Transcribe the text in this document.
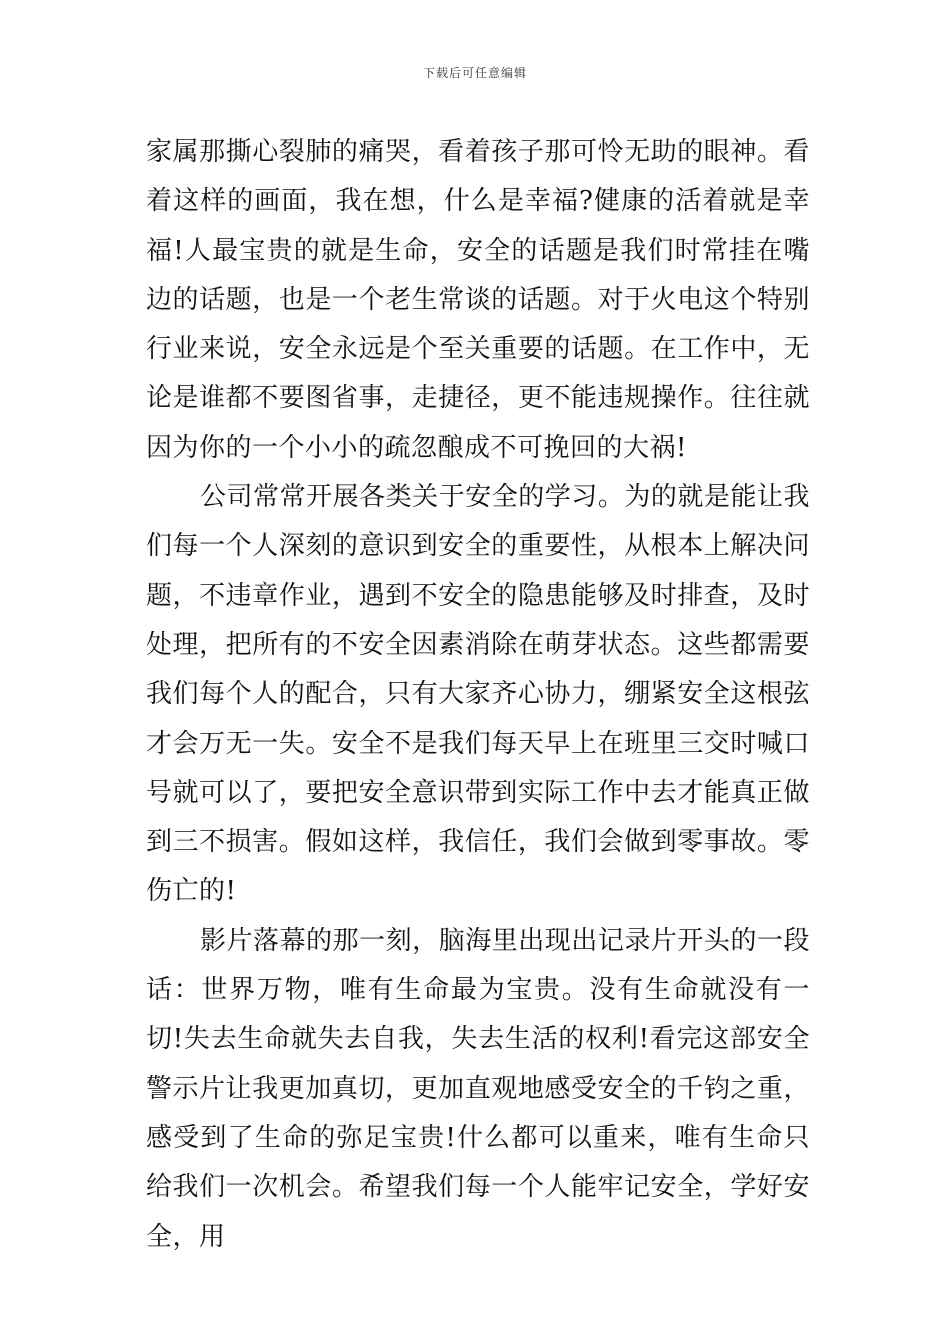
下载后可任意编辑

家属那撕心裂肺的痛哭，看着孩子那可怜无助的眼神。看着这样的画面，我在想，什么是幸福?健康的活着就是幸福!人最宝贵的就是生命，安全的话题是我们时常挂在嘴边的话题，也是一个老生常谈的话题。对于火电这个特别行业来说，安全永远是个至关重要的话题。在工作中，无论是谁都不要图省事，走捷径，更不能违规操作。往往就因为你的一个小小的疏忽酿成不可挽回的大祸!

公司常常开展各类关于安全的学习。为的就是能让我们每一个人深刻的意识到安全的重要性，从根本上解决问题，不违章作业，遇到不安全的隐患能够及时排查，及时处理，把所有的不安全因素消除在萌芽状态。这些都需要我们每个人的配合，只有大家齐心协力，绷紧安全这根弦才会万无一失。安全不是我们每天早上在班里三交时喊口号就可以了，要把安全意识带到实际工作中去才能真正做到三不损害。假如这样，我信任，我们会做到零事故。零伤亡的!

影片落幕的那一刻，脑海里出现出记录片开头的一段话：世界万物，唯有生命最为宝贵。没有生命就没有一切!失去生命就失去自我，失去生活的权利!看完这部安全警示片让我更加真切，更加直观地感受安全的千钧之重，感受到了生命的弥足宝贵!什么都可以重来，唯有生命只给我们一次机会。希望我们每一个人能牢记安全，学好安全，用
